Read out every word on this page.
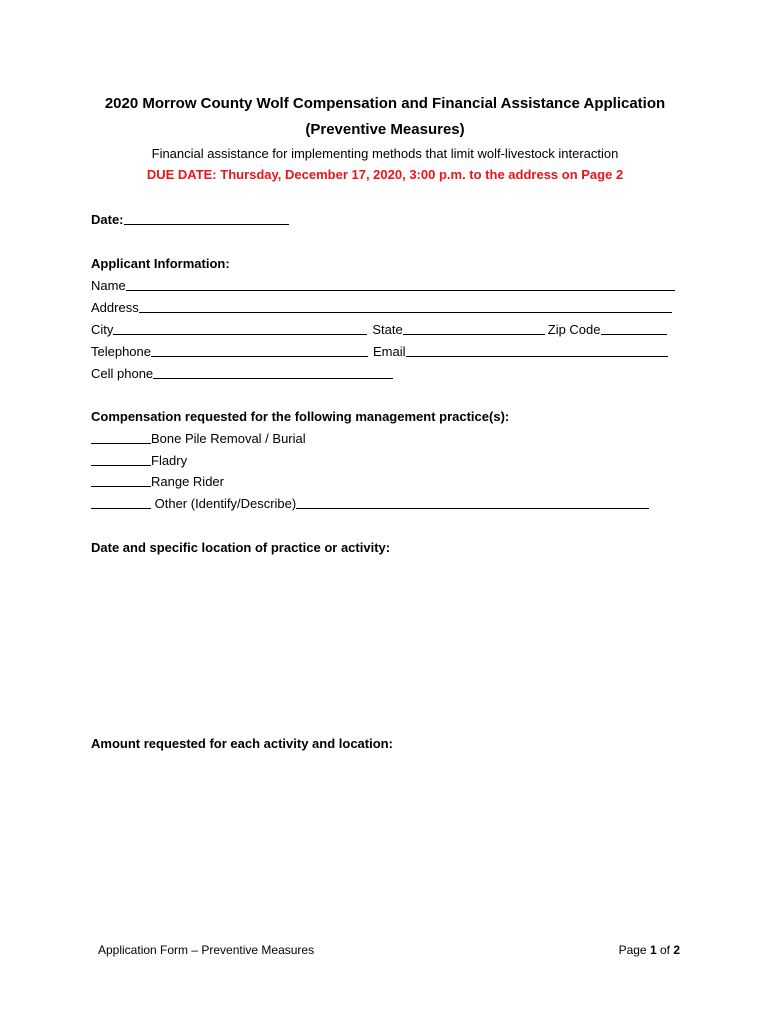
2020 Morrow County Wolf Compensation and Financial Assistance Application
(Preventive Measures)
Financial assistance for implementing methods that limit wolf-livestock interaction
DUE DATE: Thursday, December 17, 2020, 3:00 p.m. to the address on Page 2
Date:
Applicant Information:
Name
Address
City	State	Zip Code
Telephone	Email
Cell phone
Compensation requested for the following management practice(s):
Bone Pile Removal / Burial
Fladry
Range Rider
Other (Identify/Describe)
Date and specific location of practice or activity:
Amount requested for each activity and location:
Application Form – Preventive Measures	Page 1 of 2
